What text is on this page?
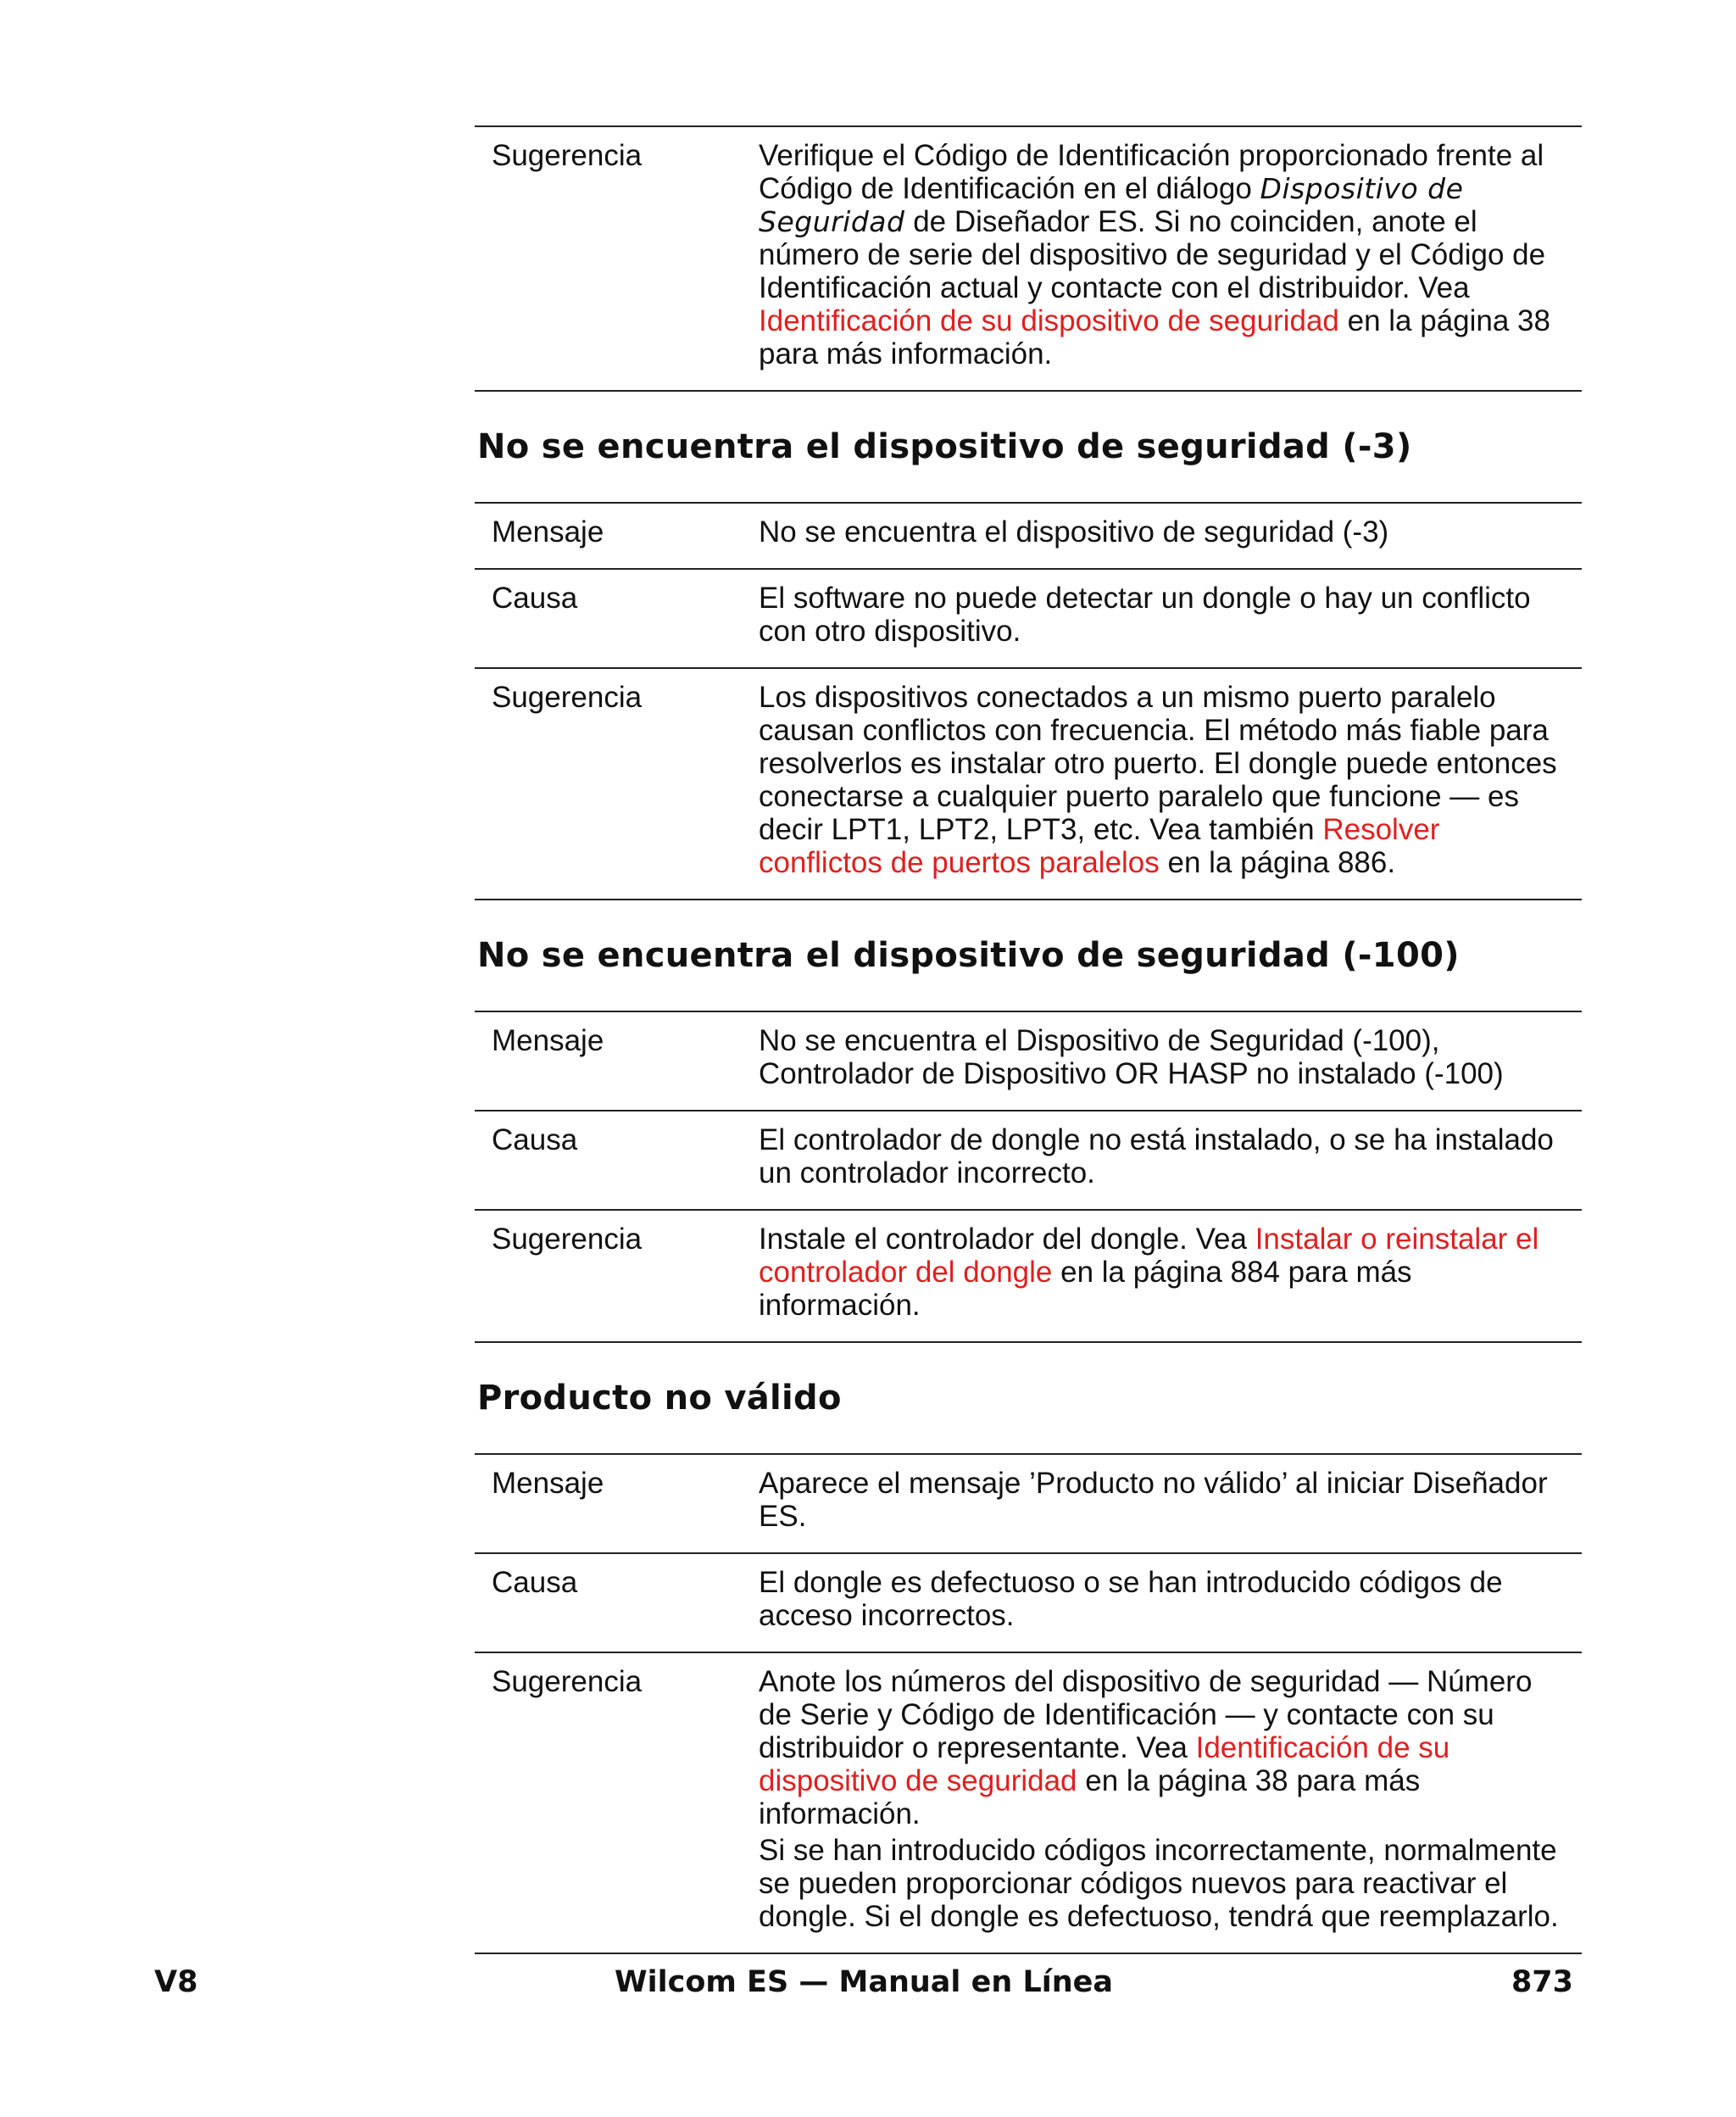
Sugerencia	Verifique el Código de Identificación proporcionado frente al Código de Identificación en el diálogo Dispositivo de Seguridad de Diseñador ES. Si no coinciden, anote el número de serie del dispositivo de seguridad y el Código de Identificación actual y contacte con el distribuidor. Vea Identificación de su dispositivo de seguridad en la página 38 para más información.
No se encuentra el dispositivo de seguridad (-3)
Mensaje	No se encuentra el dispositivo de seguridad (-3)
Causa	El software no puede detectar un dongle o hay un conflicto con otro dispositivo.
Sugerencia	Los dispositivos conectados a un mismo puerto paralelo causan conflictos con frecuencia. El método más fiable para resolverlos es instalar otro puerto. El dongle puede entonces conectarse a cualquier puerto paralelo que funcione — es decir LPT1, LPT2, LPT3, etc. Vea también Resolver conflictos de puertos paralelos en la página 886.
No se encuentra el dispositivo de seguridad (-100)
Mensaje	No se encuentra el Dispositivo de Seguridad (-100), Controlador de Dispositivo OR HASP no instalado (-100)
Causa	El controlador de dongle no está instalado, o se ha instalado un controlador incorrecto.
Sugerencia	Instale el controlador del dongle. Vea Instalar o reinstalar el controlador del dongle en la página 884 para más información.
Producto no válido
Mensaje	Aparece el mensaje ’Producto no válido’ al iniciar Diseñador ES.
Causa	El dongle es defectuoso o se han introducido códigos de acceso incorrectos.
Sugerencia	Anote los números del dispositivo de seguridad — Número de Serie y Código de Identificación — y contacte con su distribuidor o representante. Vea Identificación de su dispositivo de seguridad en la página 38 para más información.

Si se han introducido códigos incorrectamente, normalmente se pueden proporcionar códigos nuevos para reactivar el dongle. Si el dongle es defectuoso, tendrá que reemplazarlo.

V8	Wilcom ES — Manual en Línea	873
